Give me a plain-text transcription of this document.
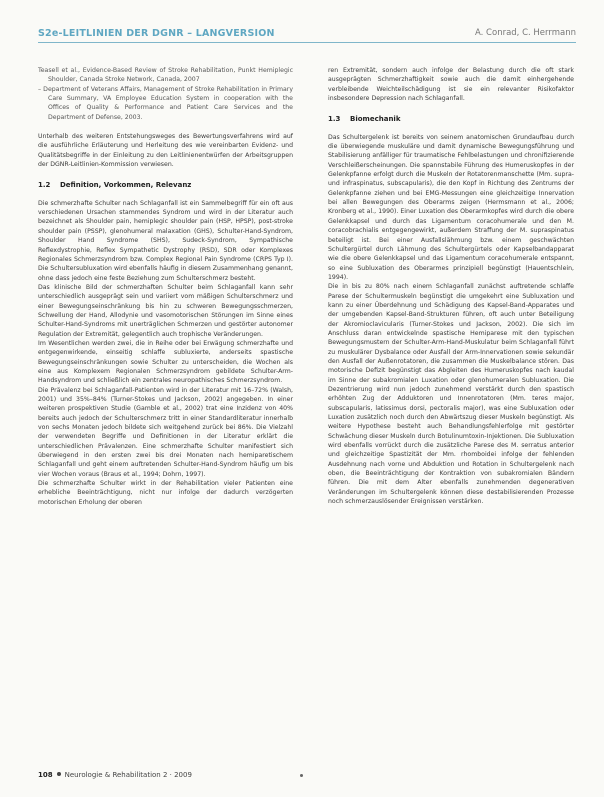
S2e-LEITLINIEN DER DGNR – LANGVERSION	A. Conrad, C. Herrmann

Teasell et al., Evidence-Based Review of Stroke Rehabilitation, Punkt Hemiplegic Shoulder, Canada Stroke Network, Canada, 2007

– Department of Veterans Affairs, Management of Stroke Rehabilitation in Primary Care Summary, VA Employee Education System in cooperation with the Offices of Quality & Performance and Patient Care Services and the Department of Defense, 2003.

Unterhalb des weiteren Entstehungsweges des Bewertungsverfahrens wird auf die ausführliche Erläuterung und Herleitung des wie vereinbarten Evidenz- und Qualitätsbegriffe in der Einleitung zu den Leitlinienentwürfen der Arbeitsgruppen der DGNR-Leitlinien-Kommission verwiesen.

1.2 Definition, Vorkommen, Relevanz

Die schmerzhafte Schulter nach Schlaganfall ist ein Sammelbegriff für ein oft aus verschiedenen Ursachen stammendes Syndrom und wird in der Literatur auch bezeichnet als Shoulder pain, hemiplegic shoulder pain (HSP, HPSP), post-stroke shoulder pain (PSSP), glenohumeral malaxation (GHS), Schulter-Hand-Syndrom, Shoulder Hand Syndrome (SHS), Sudeck-Syndrom, Sympathische Reflexdystrophie, Reflex Sympathetic Dystrophy (RSD), SDR oder Komplexes Regionales Schmerzsyndrom bzw. Complex Regional Pain Syndrome (CRPS Typ I). Die Schultersubluxation wird ebenfalls häufig in diesem Zusammenhang genannt, ohne dass jedoch eine feste Beziehung zum Schulterschmerz besteht.

Das klinische Bild der schmerzhaften Schulter beim Schlaganfall kann sehr unterschiedlich ausgeprägt sein und variiert vom mäßigen Schulterschmerz und einer Bewegungseinschränkung bis hin zu schweren Bewegungsschmerzen, Schwellung der Hand, Allodynie und vasomotorischen Störungen im Sinne eines Schulter-Hand-Syndroms mit unerträglichen Schmerzen und gestörter autonomer Regulation der Extremität, gelegentlich auch trophische Veränderungen.

Im Wesentlichen werden zwei, die in Reihe oder bei Erwägung schmerzhafte und entgegenwirkende, einseitig schlaffe subluxierte, anderseits spastische Bewegungseinschränkungen sowie Schulter zu unterscheiden, die Wochen als eine aus Komplexem Regionalen Schmerzsyndrom gebildete Schulter-Arm-Handsyndrom und schließlich ein zentrales neuropathisches Schmerzsyndrom.

Die Prävalenz bei Schlaganfall-Patienten wird in der Literatur mit 16–72% (Walsh, 2001) und 35%–84% (Turner-Stokes und Jackson, 2002) angegeben. In einer weiteren prospektiven Studie (Gamble et al., 2002) trat eine Inzidenz von 40% bereits auch jedoch der Schulterschmerz tritt in einer Standardliteratur innerhalb von sechs Monaten jedoch bildete sich weitgehend zurück bei 86%. Die Vielzahl der verwendeten Begriffe und Definitionen in der Literatur erklärt die unterschiedlichen Prävalenzen. Eine schmerzhafte Schulter manifestiert sich überwiegend in den ersten zwei bis drei Monaten nach hemiparetischem Schlaganfall und geht einem auftretenden Schulter-Hand-Syndrom häufig um bis vier Wochen voraus (Braus et al., 1994; Dohrn, 1997).

Die schmerzhafte Schulter wirkt in der Rehabilitation vieler Patienten eine erhebliche Beeinträchtigung, nicht nur infolge der dadurch verzögerten motorischen Erholung der oberen

ren Extremität, sondern auch infolge der Belastung durch die oft stark ausgeprägten Schmerzhaftigkeit sowie auch die damit einhergehende verbleibende Weichteilschädigung ist sie ein relevanter Risikofaktor insbesondere Depression nach Schlaganfall.

1.3 Biomechanik

Das Schultergelenk ist bereits von seinem anatomischen Grundaufbau durch die überwiegende muskuläre und damit dynamische Bewegungsführung und Stabilisierung anfälliger für traumatische Fehlbelastungen und chronifizierende Verschleißerscheinungen. Die spannstabile Führung des Humeruskopfes in der Gelenkpfanne erfolgt durch die Muskeln der Rotatorenmanschette (Mm. supra- und infraspinatus, subscapularis), die den Kopf in Richtung des Zentrums der Gelenkpfanne ziehen und bei EMG-Messungen eine gleichzeitige Innervation bei allen Bewegungen des Oberarms zeigen (Hermsmann et al., 2006; Kronberg et al., 1990). Einer Luxation des Oberarmkopfes wird durch die obere Gelenkkapsel und durch das Ligamentum coracohumerale und den M. coracobrachialis entgegengewirkt, außerdem Straffung der M. supraspinatus beteiligt ist. Bei einer Ausfallslähmung bzw. einem geschwächten Schultergürtel durch Lähmung des Schultergürtels oder Kapselbandapparat wie die obere Gelenkkapsel und das Ligamentum coracohumerale entspannt, so eine Subluxation des Oberarmes prinzipiell begünstigt (Hauentschlein, 1994).

Die in bis zu 80% nach einem Schlaganfall zunächst auftretende schlaffe Parese der Schultermuskeln begünstigt die umgekehrt eine Subluxation und kann zu einer Überdehnung und Schädigung des Kapsel-Band-Apparates und der umgebenden Kapsel-Band-Strukturen führen, oft auch unter Beteiligung der Akromioclavicularis (Turner-Stokes und Jackson, 2002). Die sich im Anschluss daran entwickelnde spastische Hemiparese mit den typischen Bewegungsmustern der Schulter-Arm-Hand-Muskulatur beim Schlaganfall führt zu muskulärer Dysbalance oder Ausfall der Arm-Innervationen sowie sekundär den Ausfall der Außenrotatoren, die zusammen die Muskelbalance stören. Das motorische Defizit begünstigt das Abgleiten des Humeruskopfes nach kaudal im Sinne der subakromialen Luxation oder glenohumeralen Subluxation. Die Dezentrierung wird nun jedoch zunehmend verstärkt durch den spastisch erhöhten Zug der Adduktoren und Innenrotatoren (Mm. teres major, subscapularis, latissimus dorsi, pectoralis major), was eine Subluxation oder Luxation zusätzlich noch durch den Abwärtszug dieser Muskeln begünstigt. Als weitere Hypothese besteht auch Behandlungsfehlerfolge mit gestörter Schwächung dieser Muskeln durch Botulinumtoxin-Injektionen. Die Subluxation wird ebenfalls vorrückt durch die zusätzliche Parese des M. serratus anterior und gleichzeitige Spastizität der Mm. rhomboidei infolge der fehlenden Ausdehnung nach vorne und Abduktion und Rotation in Schultergelenk nach oben, die Beeinträchtigung der Kontraktion von subakromialen Bändern führen. Die mit dem Alter ebenfalls zunehmenden degenerativen Veränderungen im Schultergelenk können diese destabilisierenden Prozesse noch schmerzauslösender Ereignissen verstärken.

108 Neurologie & Rehabilitation 2 · 2009
